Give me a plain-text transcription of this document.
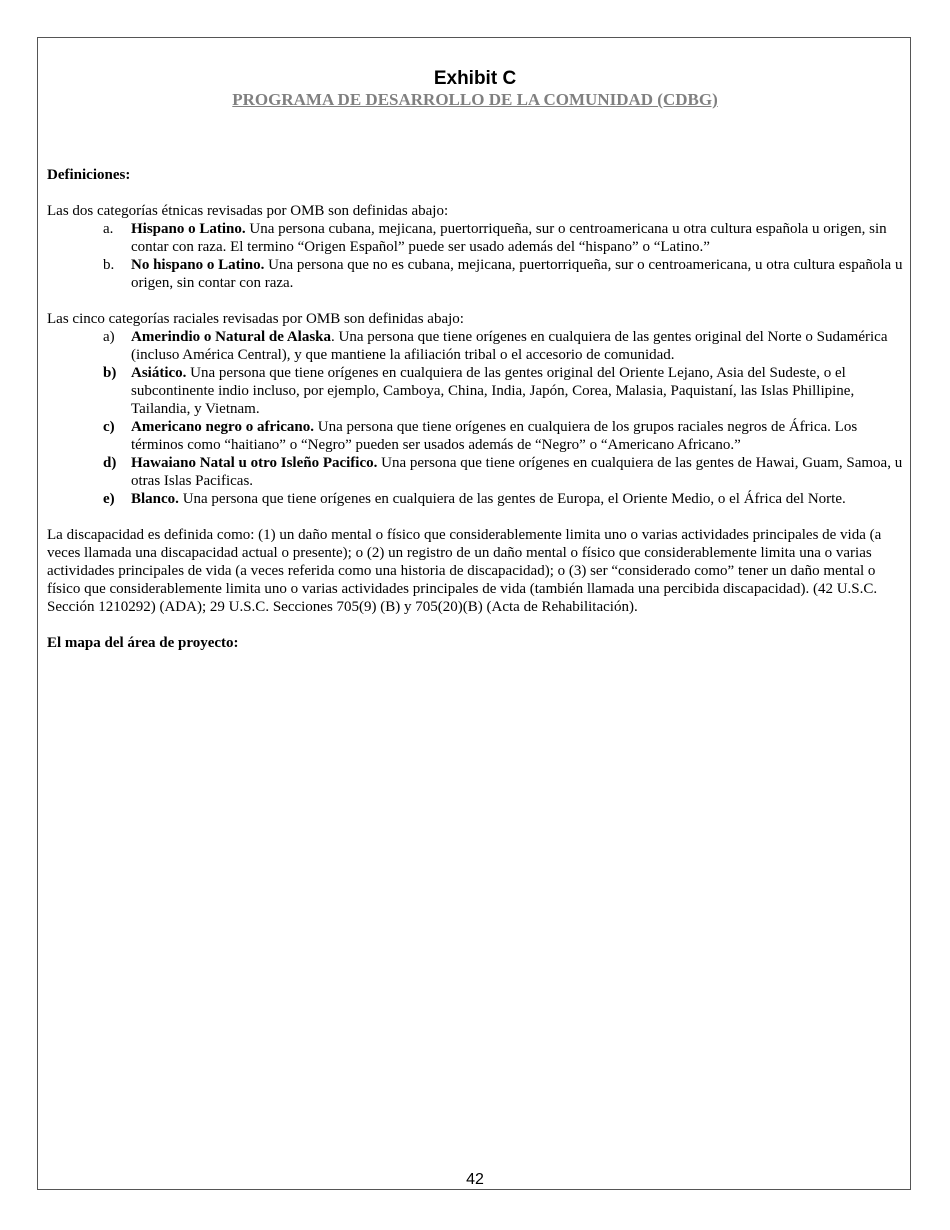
Exhibit C
PROGRAMA DE DESARROLLO DE LA COMUNIDAD (CDBG)

Definiciones:

Las dos categorías étnicas revisadas por OMB son definidas abajo:

a. Hispano o Latino. Una persona cubana, mejicana, puertorriqueña, sur o centroamericana u otra cultura española u origen, sin contar con raza. El termino “Origen Español” puede ser usado además del “hispano” o “Latino.”
b. No hispano o Latino. Una persona que no es cubana, mejicana, puertorriqueña, sur o centroamericana, u otra cultura española u origen, sin contar con raza.

Las cinco categorías raciales revisadas por OMB son definidas abajo:

a) Amerindio o Natural de Alaska. Una persona que tiene orígenes en cualquiera de las gentes original del Norte o Sudamérica (incluso América Central), y que mantiene la afiliación tribal o el accesorio de comunidad.
b) Asiático. Una persona que tiene orígenes en cualquiera de las gentes original del Oriente Lejano, Asia del Sudeste, o el subcontinente indio incluso, por ejemplo, Camboya, China, India, Japón, Corea, Malasia, Paquistaní, las Islas Phillipine, Tailandia, y Vietnam.
c) Americano negro o africano. Una persona que tiene orígenes en cualquiera de los grupos raciales negros de África. Los términos como “haitiano” o “Negro” pueden ser usados además de “Negro” o “Americano Africano.”
d) Hawaiano Natal u otro Isleño Pacifico. Una persona que tiene orígenes en cualquiera de las gentes de Hawai, Guam, Samoa, u otras Islas Pacificas.
e) Blanco. Una persona que tiene orígenes en cualquiera de las gentes de Europa, el Oriente Medio, o el África del Norte.

La discapacidad es definida como: (1) un daño mental o físico que considerablemente limita uno o varias actividades principales de vida (a veces llamada una discapacidad actual o presente); o (2) un registro de un daño mental o físico que considerablemente limita una o varias actividades principales de vida (a veces referida como una historia de discapacidad); o (3) ser “considerado como” tener un daño mental o físico que considerablemente limita uno o varias actividades principales de vida (también llamada una percibida discapacidad). (42 U.S.C. Sección 1210292) (ADA); 29 U.S.C. Secciones 705(9) (B) y 705(20)(B) (Acta de Rehabilitación).

El mapa del área de proyecto:

42
